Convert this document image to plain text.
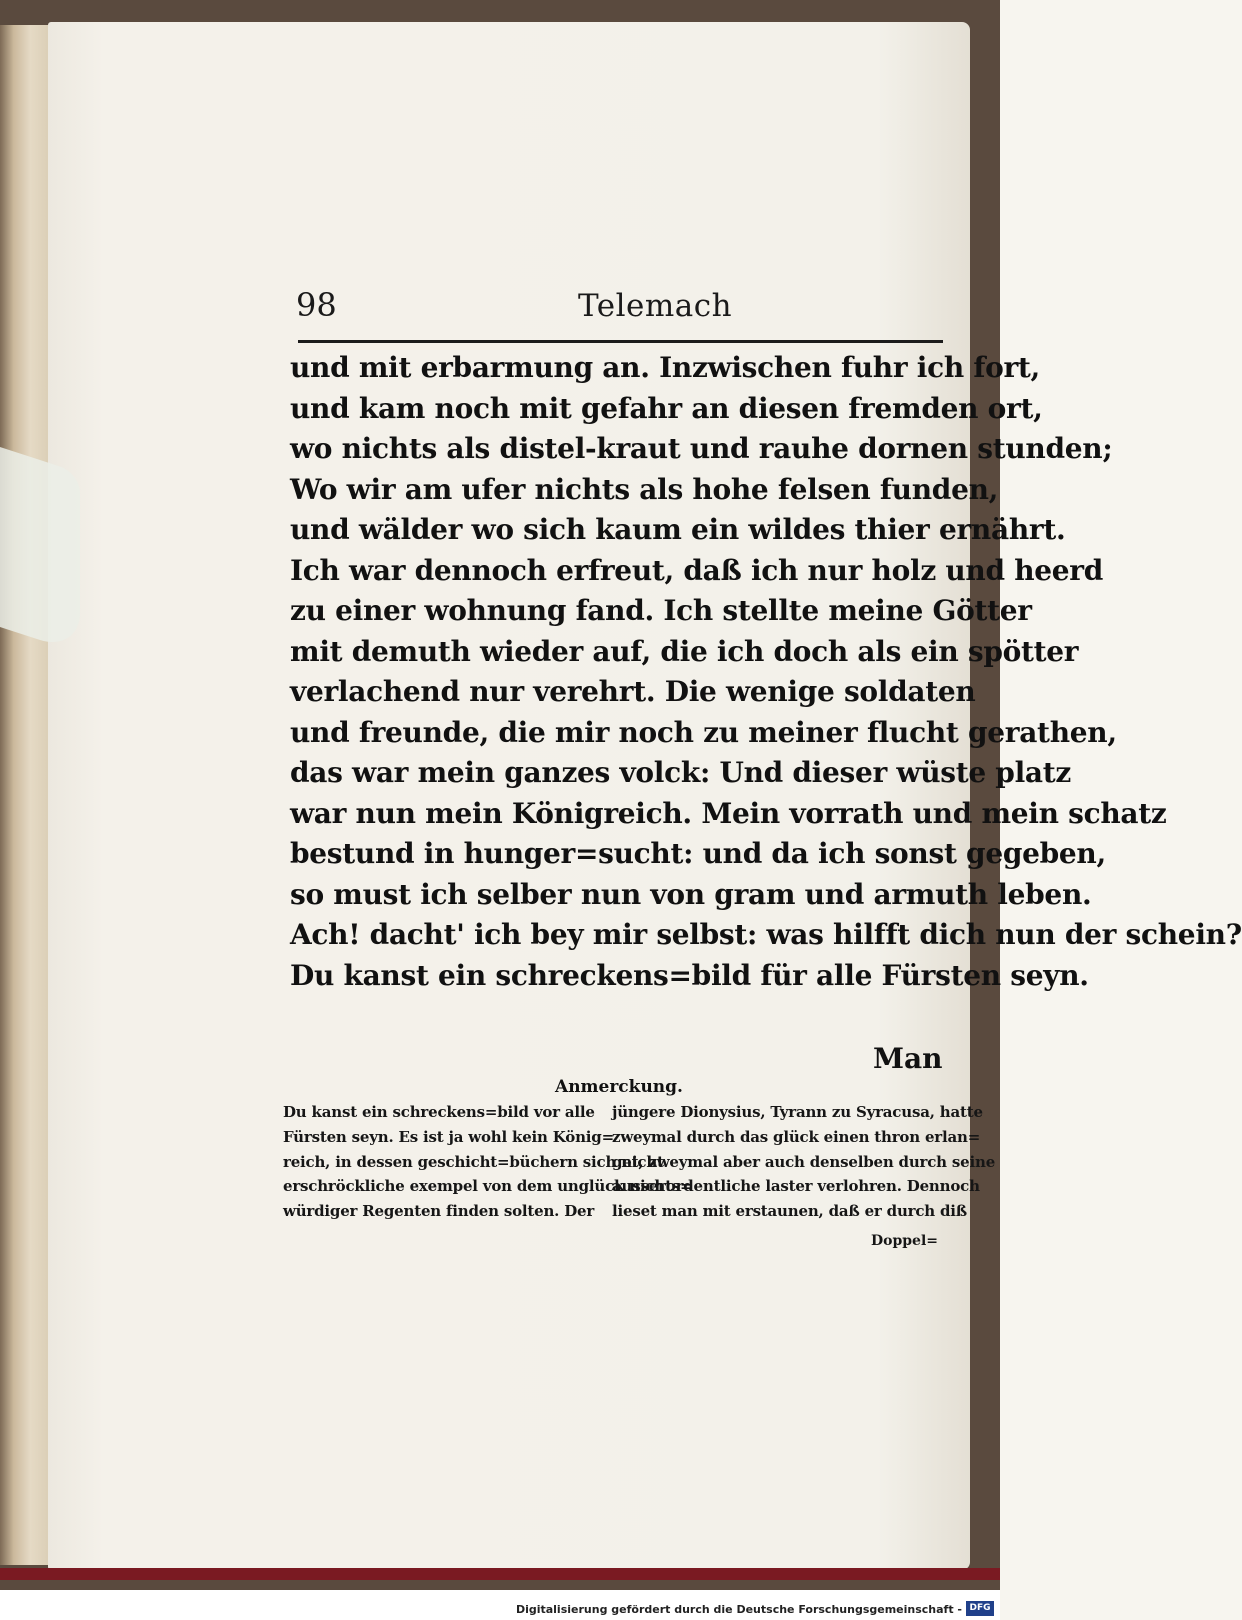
98	Telemach
und mit erbarmung an. Inzwischen fuhr ich fort,
und kam noch mit gefahr an diesen fremden ort,
wo nichts als distel-kraut und rauhe dornen stunden;
Wo wir am ufer nichts als hohe felsen funden,
und wälder wo sich kaum ein wildes thier ernährt.
Ich war dennoch erfreut, daß ich nur holz und heerd
zu einer wohnung fand. Ich stellte meine Götter
mit demuth wieder auf, die ich doch als ein spötter
verlachend nur verehrt. Die wenige soldaten
und freunde, die mir noch zu meiner flucht gerathen,
das war mein ganzes volck: Und dieser wüste platz
war nun mein Königreich. Mein vorrath und mein schatz
bestund in hunger=sucht: und da ich sonst gegeben,
so must ich selber nun von gram und armuth leben.
Ach! dacht' ich bey mir selbst: was hilfft dich nun der schein?
Du kanst ein schreckens=bild für alle Fürsten seyn.
Man
Anmerckung.
Du kanst ein schreckens=bild vor alle
Fürsten seyn. Es ist ja wohl kein König=
reich, in dessen geschicht=büchern sich nicht
erschröckliche exempel von dem unglück nichts=
würdiger Regenten finden solten. Der
jüngere Dionysius, Tyrann zu Syracusa, hatte
zweymal durch das glück einen thron erlan=
get, zweymal aber auch denselben durch seine
ausserordentliche laster verlohren. Dennoch
lieset man mit erstaunen, daß er durch diß
Doppel=
Digitalisierung gefördert durch die Deutsche Forschungsgemeinschaft - DFG
